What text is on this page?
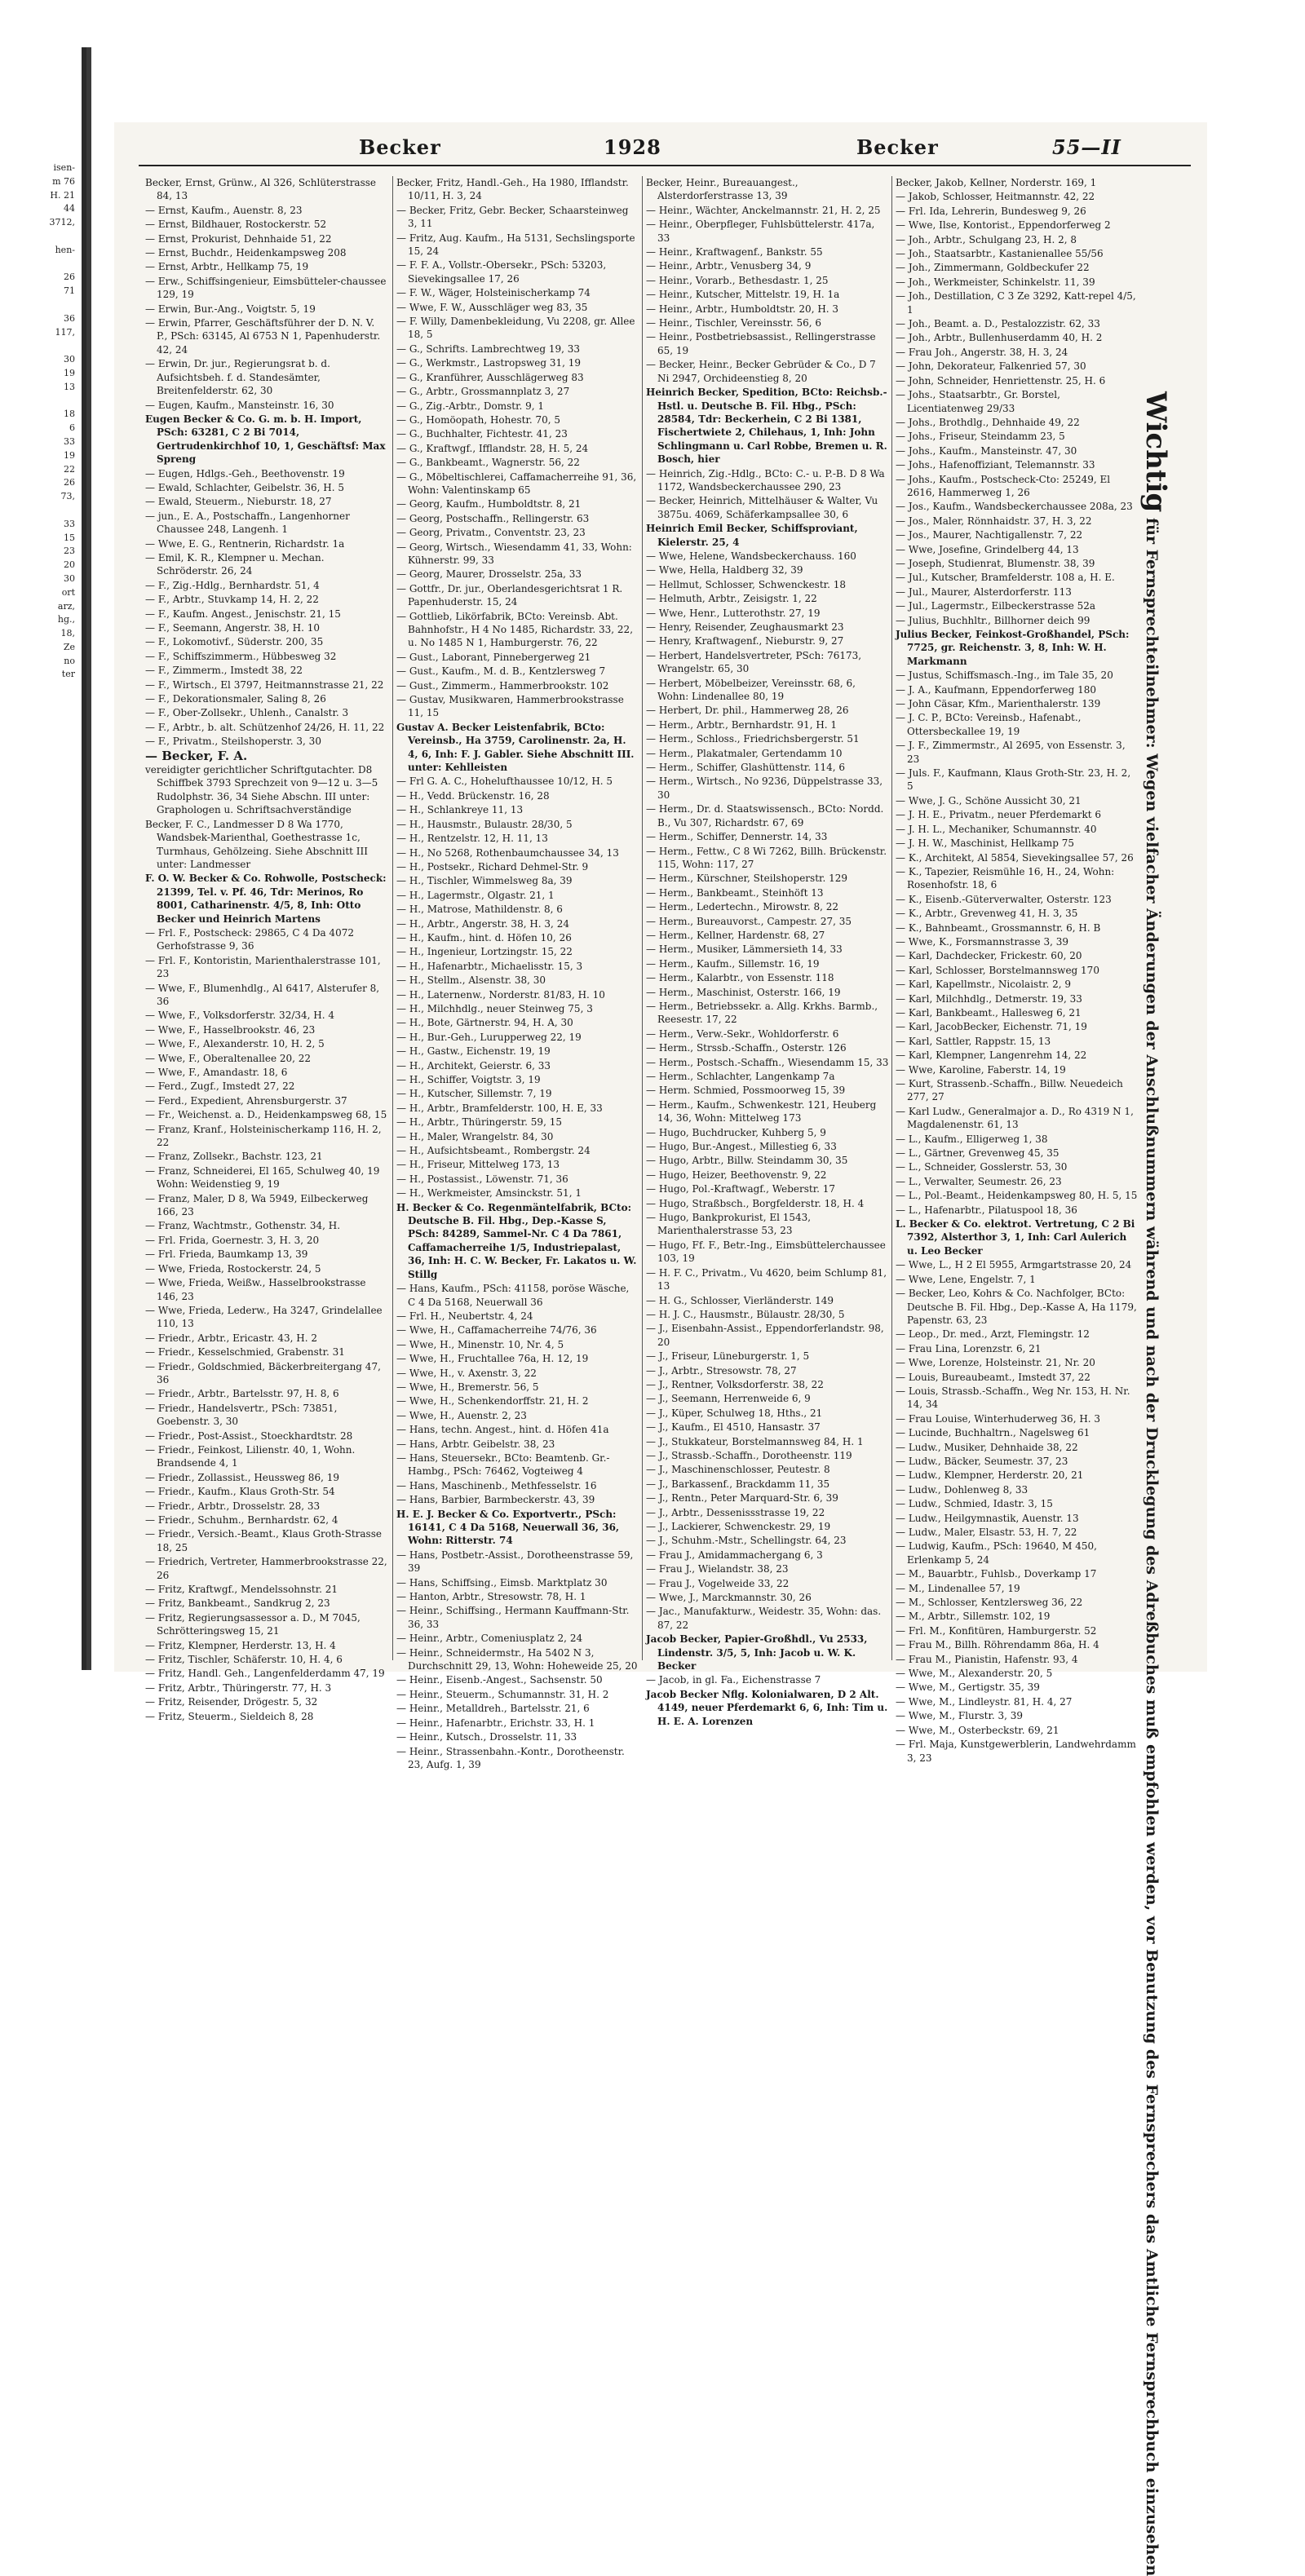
isen-
m 76
H. 21
44
3712,

hen-

26
71

36
117,

30
19
13

18
6
33
19
22
26
73,

33
15
23
20
30
ort
arz,
hg.,
18,
Ze
no
ter
Becker	1928	Becker	55—II
Becker, Ernst, Grünw., Al 326, Schlüterstrasse 84, 13
— Ernst, Kaufm., Auenstr. 8, 23
— Ernst, Bildhauer, Rostockerstr. 52
— Ernst, Prokurist, Dehnhaide 51, 22
— Ernst, Buchdr., Heidenkampsweg 208
— Ernst, Arbtr., Hellkamp 75, 19
— Erw., Schiffsingenieur, Eimsbütteler-chaussee 129, 19
— Erwin, Bur.-Ang., Voigtstr. 5, 19
— Erwin, Pfarrer, Geschäftsführer der D. N. V. P., PSch: 63145, Al 6753 N 1, Papenhuderstr. 42, 24
— Erwin, Dr. jur., Regierungsrat b. d. Aufsichtsbeh. f. d. Standesämter, Breitenfelderstr. 62, 30
— Eugen, Kaufm., Mansteinstr. 16, 30
Eugen Becker & Co. G. m. b. H. Import, PSch: 63281, C 2 Bi 7014, Gertrudenkirchhof 10, 1, Geschäftsf: Max Spreng
— Eugen, Hdlgs.-Geh., Beethovenstr. 19
— Ewald, Schlachter, Geibelstr. 36, H. 5
— Ewald, Steuerm., Nieburstr. 18, 27
— jun., E. A., Postschaffn., Langenhorner Chaussee 248, Langenh. 1
— Wwe, E. G., Rentnerin, Richardstr. 1a
— Emil, K. R., Klempner u. Mechan. Schröderstr. 26, 24
— F., Zig.-Hdlg., Bernhardstr. 51, 4
— F., Arbtr., Stuvkamp 14, H. 2, 22
— F., Kaufm. Angest., Jenischstr. 21, 15
— F., Seemann, Angerstr. 38, H. 10
— F., Lokomotivf., Süderstr. 200, 35
— F., Schiffszimmerm., Hübbesweg 32
— F., Zimmerm., Imstedt 38, 22
— F., Wirtsch., El 3797, Heitmannstrasse 21, 22
— F., Dekorationsmaler, Saling 8, 26
— F., Ober-Zollsekr., Uhlenh., Canalstr. 3
— F., Arbtr., b. alt. Schützenhof 24/26, H. 11, 22
— F., Privatm., Steilshoperstr. 3, 30
— Becker, F. A.
vereidigter gerichtlicher Schriftgutachter. D8 Schiffbek 3793 Sprechzeit von 9—12 u. 3—5 Rudolphstr. 36, 34 Siehe Abschn. III unter: Graphologen u. Schriftsachverständige
Becker, F. C., Landmesser D 8 Wa 1770, Wandsbek-Marienthal, Goethestrasse 1c, Turmhaus, Gehölzeing. Siehe Abschnitt III unter: Landmesser
F. O. W. Becker & Co. Rohwolle, Postscheck: 21399, Tel. v. Pf. 46, Tdr: Merinos, Ro 8001, Catharinenstr. 4/5, 8, Inh: Otto Becker und Heinrich Martens
— Frl. F., Postscheck: 29865, C 4 Da 4072 Gerhofstrasse 9, 36
— Frl. F., Kontoristin, Marienthalerstrasse 101, 23
— Wwe, F., Blumenhdlg., Al 6417, Alsterufer 8, 36
— Wwe, F., Volksdorferstr. 32/34, H. 4
— Wwe, F., Hasselbrookstr. 46, 23
— Wwe, F., Alexanderstr. 10, H. 2, 5
— Wwe, F., Oberaltenallee 20, 22
— Wwe, F., Amandastr. 18, 6
— Ferd., Zugf., Imstedt 27, 22
— Ferd., Expedient, Ahrensburgerstr. 37
— Fr., Weichenst. a. D., Heidenkampsweg 68, 15
— Franz, Kranf., Holsteinischerkamp 116, H. 2, 22
— Franz, Zollsekr., Bachstr. 123, 21
— Franz, Schneiderei, El 165, Schulweg 40, 19 Wohn: Weidenstieg 9, 19
— Franz, Maler, D 8, Wa 5949, Eilbeckerweg 166, 23
— Franz, Wachtmstr., Gothenstr. 34, H.
— Frl. Frida, Goernestr. 3, H. 3, 20
— Frl. Frieda, Baumkamp 13, 39
— Wwe, Frieda, Rostockerstr. 24, 5
— Wwe, Frieda, Weißw., Hasselbrookstrasse 146, 23
— Wwe, Frieda, Lederw., Ha 3247, Grindelallee 110, 13
— Friedr., Arbtr., Ericastr. 43, H. 2
— Friedr., Kesselschmied, Grabenstr. 31
— Friedr., Goldschmied, Bäckerbreitergang 47, 36
— Friedr., Arbtr., Bartelsstr. 97, H. 8, 6
— Friedr., Handelsvertr., PSch: 73851, Goebenstr. 3, 30
— Friedr., Post-Assist., Stoeckhardtstr. 28
— Friedr., Feinkost, Lilienstr. 40, 1, Wohn. Brandsende 4, 1
— Friedr., Zollassist., Heussweg 86, 19
— Friedr., Kaufm., Klaus Groth-Str. 54
— Friedr., Arbtr., Drosselstr. 28, 33
— Friedr., Schuhm., Bernhardstr. 62, 4
— Friedr., Versich.-Beamt., Klaus Groth-Strasse 18, 25
— Friedrich, Vertreter, Hammerbrookstrasse 22, 26
— Fritz, Kraftwgf., Mendelssohnstr. 21
— Fritz, Bankbeamt., Sandkrug 2, 23
— Fritz, Regierungsassessor a. D., M 7045, Schrötteringsweg 15, 21
— Fritz, Klempner, Herderstr. 13, H. 4
— Fritz, Tischler, Schäferstr. 10, H. 4, 6
— Fritz, Handl. Geh., Langenfelderdamm 47, 19
— Fritz, Arbtr., Thüringerstr. 77, H. 3
— Fritz, Reisender, Drögestr. 5, 32
— Fritz, Steuerm., Sieldeich 8, 28
Becker, Fritz, Handl.-Geh., Ha 1980, Ifflandstr. 10/11, H. 3, 24
— Becker, Fritz, Gebr. Becker, Schaarsteinweg 3, 11
— Fritz, Aug. Kaufm., Ha 5131, Sechslingsporte 15, 24
— F. F. A., Vollstr.-Obersekr., PSch: 53203, Sievekingsallee 17, 26
— F. W., Wäger, Holsteinischerkamp 74
— Wwe, F. W., Ausschläger weg 83, 35
— F. Willy, Damenbekleidung, Vu 2208, gr. Allee 18, 5
— G., Schrifts. Lambrechtweg 19, 33
— G., Werkmstr., Lastropsweg 31, 19
— G., Kranführer, Ausschlägerweg 83
— G., Arbtr., Grossmannplatz 3, 27
— G., Zig.-Arbtr., Domstr. 9, 1
— G., Homöopath, Hohestr. 70, 5
— G., Buchhalter, Fichtestr. 41, 23
— G., Kraftwgf., Ifflandstr. 28, H. 5, 24
— G., Bankbeamt., Wagnerstr. 56, 22
— G., Möbeltischlerei, Caffamacherreihe 91, 36, Wohn: Valentinskamp 65
— Georg, Kaufm., Humboldtstr. 8, 21
— Georg, Postschaffn., Rellingerstr. 63
— Georg, Privatm., Conventstr. 23, 23
— Georg, Wirtsch., Wiesendamm 41, 33, Wohn: Kühnerstr. 99, 33
— Georg, Maurer, Drosselstr. 25a, 33
— Gottfr., Dr. jur., Oberlandesgerichtsrat 1 R. Papenhuderstr. 15, 24
— Gottlieb, Likörfabrik, BCto: Vereinsb. Abt. Bahnhofstr., H 4 No 1485, Richardstr. 33, 22, u. No 1485 N 1, Hamburgerstr. 76, 22
— Gust., Laborant, Pinnebergerweg 21
— Gust., Kaufm., M. d. B., Kentzlersweg 7
— Gust., Zimmerm., Hammerbrookstr. 102
— Gustav, Musikwaren, Hammerbrookstrasse 11, 15
Gustav A. Becker Leistenfabrik, BCto: Vereinsb., Ha 3759, Carolinenstr. 2a, H. 4, 6, Inh: F. J. Gabler. Siehe Abschnitt III. unter: Kehlleisten
— Frl G. A. C., Hohelufthaussee 10/12, H. 5
— H., Vedd. Brückenstr. 16, 28
— H., Schlankreye 11, 13
— H., Hausmstr., Bulaustr. 28/30, 5
— H., Rentzelstr. 12, H. 11, 13
— H., No 5268, Rothenbaumchaussee 34, 13
— H., Postsekr., Richard Dehmel-Str. 9
— H., Tischler, Wimmelsweg 8a, 39
— H., Lagermstr., Olgastr. 21, 1
— H., Matrose, Mathildenstr. 8, 6
— H., Arbtr., Angerstr. 38, H. 3, 24
— H., Kaufm., hint. d. Höfen 10, 26
— H., Ingenieur, Lortzingstr. 15, 22
— H., Hafenarbtr., Michaelisstr. 15, 3
— H., Stellm., Alsenstr. 38, 30
— H., Laternenw., Norderstr. 81/83, H. 10
— H., Milchhdlg., neuer Steinweg 75, 3
— H., Bote, Gärtnerstr. 94, H. A, 30
— H., Bur.-Geh., Lurupperweg 22, 19
— H., Gastw., Eichenstr. 19, 19
— H., Architekt, Geierstr. 6, 33
— H., Schiffer, Voigtstr. 3, 19
— H., Kutscher, Sillemstr. 7, 19
— H., Arbtr., Bramfelderstr. 100, H. E, 33
— H., Arbtr., Thüringerstr. 59, 15
— H., Maler, Wrangelstr. 84, 30
— H., Aufsichtsbeamt., Rombergstr. 24
— H., Friseur, Mittelweg 173, 13
— H., Postassist., Löwenstr. 71, 36
— H., Werkmeister, Amsinckstr. 51, 1
H. Becker & Co. Regenmäntelfabrik, BCto: Deutsche B. Fil. Hbg., Dep.-Kasse S, PSch: 84289, Sammel-Nr. C 4 Da 7861, Caffamacherreihe 1/5, Industriepalast, 36, Inh: H. C. W. Becker, Fr. Lakatos u. W. Stillg
— Hans, Kaufm., PSch: 41158, poröse Wäsche, C 4 Da 5168, Neuerwall 36
— Frl. H., Neubertstr. 4, 24
— Wwe, H., Caffamacherreihe 74/76, 36
— Wwe, H., Minenstr. 10, Nr. 4, 5
— Wwe, H., Fruchtallee 76a, H. 12, 19
— Wwe, H., v. Axenstr. 3, 22
— Wwe, H., Bremerstr. 56, 5
— Wwe, H., Schenkendorffstr. 21, H. 2
— Wwe, H., Auenstr. 2, 23
— Hans, techn. Angest., hint. d. Höfen 41a
— Hans, Arbtr. Geibelstr. 38, 23
— Hans, Steuersekr., BCto: Beamtenb. Gr.-Hambg., PSch: 76462, Vogteiweg 4
— Hans, Maschinenb., Methfesselstr. 16
— Hans, Barbier, Barmbeckerstr. 43, 39
H. E. J. Becker & Co. Exportvertr., PSch: 16141, C 4 Da 5168, Neuerwall 36, 36, Wohn: Ritterstr. 74
— Hans, Postbetr.-Assist., Dorotheenstrasse 59, 39
— Hans, Schiffsing., Eimsb. Marktplatz 30
— Hanton, Arbtr., Stresowstr. 78, H. 1
— Heinr., Schiffsing., Hermann Kauffmann-Str. 36, 33
— Heinr., Arbtr., Comeniusplatz 2, 24
— Heinr., Schneidermstr., Ha 5402 N 3, Durchschnitt 29, 13, Wohn: Hoheweide 25, 20
— Heinr., Eisenb.-Angest., Sachsenstr. 50
— Heinr., Steuerm., Schumannstr. 31, H. 2
— Heinr., Metalldreh., Bartelsstr. 21, 6
— Heinr., Hafenarbtr., Erichstr. 33, H. 1
— Heinr., Kutsch., Drosselstr. 11, 33
— Heinr., Strassenbahn.-Kontr., Dorotheenstr. 23, Aufg. 1, 39
Becker, Heinr., Bureauangest., Alsterdorferstrasse 13, 39
— Heinr., Wächter, Anckelmannstr. 21, H. 2, 25
— Heinr., Oberpfleger, Fuhlsbüttelerstr. 417a, 33
— Heinr., Kraftwagenf., Bankstr. 55
— Heinr., Arbtr., Venusberg 34, 9
— Heinr., Vorarb., Bethesdastr. 1, 25
— Heinr., Kutscher, Mittelstr. 19, H. 1a
— Heinr., Arbtr., Humboldtstr. 20, H. 3
— Heinr., Tischler, Vereinsstr. 56, 6
— Heinr., Postbetriebsassist., Rellingerstrasse 65, 19
— Becker, Heinr., Becker Gebrüder & Co., D 7 Ni 2947, Orchideenstieg 8, 20
Heinrich Becker, Spedition, BCto: Reichsb.-Hstl. u. Deutsche B. Fil. Hbg., PSch: 28584, Tdr: Beckerhein, C 2 Bi 1381, Fischertwiete 2, Chilehaus, 1, Inh: John Schlingmann u. Carl Robbe, Bremen u. R. Bosch, hier
— Heinrich, Zig.-Hdlg., BCto: C.- u. P.-B. D 8 Wa 1172, Wandsbeckerchaussee 290, 23
— Becker, Heinrich, Mittelhäuser & Walter, Vu 3875u. 4069, Schäferkampsallee 30, 6
Heinrich Emil Becker, Schiffsproviant, Kielerstr. 25, 4
— Wwe, Helene, Wandsbeckerchauss. 160
— Wwe, Hella, Haldberg 32, 39
— Hellmut, Schlosser, Schwenckestr. 18
— Helmuth, Arbtr., Zeisigstr. 1, 22
— Wwe, Henr., Lutterothstr. 27, 19
— Henry, Reisender, Zeughausmarkt 23
— Henry, Kraftwagenf., Nieburstr. 9, 27
— Herbert, Handelsvertreter, PSch: 76173, Wrangelstr. 65, 30
— Herbert, Möbelbeizer, Vereinsstr. 68, 6, Wohn: Lindenallee 80, 19
— Herbert, Dr. phil., Hammerweg 28, 26
— Herm., Arbtr., Bernhardstr. 91, H. 1
— Herm., Schloss., Friedrichsbergerstr. 51
— Herm., Plakatmaler, Gertendamm 10
— Herm., Schiffer, Glashüttenstr. 114, 6
— Herm., Wirtsch., No 9236, Düppelstrasse 33, 30
— Herm., Dr. d. Staatswissensch., BCto: Nordd. B., Vu 307, Richardstr. 67, 69
— Herm., Schiffer, Dennerstr. 14, 33
— Herm., Fettw., C 8 Wi 7262, Billh. Brückenstr. 115, Wohn: 117, 27
— Herm., Kürschner, Steilshoperstr. 129
— Herm., Bankbeamt., Steinhöft 13
— Herm., Ledertechn., Mirowstr. 8, 22
— Herm., Bureauvorst., Campestr. 27, 35
— Herm., Kellner, Hardenstr. 68, 27
— Herm., Musiker, Lämmersieth 14, 33
— Herm., Kaufm., Sillemstr. 16, 19
— Herm., Kalarbtr., von Essenstr. 118
— Herm., Maschinist, Osterstr. 166, 19
— Herm., Betriebssekr. a. Allg. Krkhs. Barmb., Reesestr. 17, 22
— Herm., Verw.-Sekr., Wohldorferstr. 6
— Herm., Strssb.-Schaffn., Osterstr. 126
— Herm., Postsch.-Schaffn., Wiesendamm 15, 33
— Herm., Schlachter, Langenkamp 7a
— Herm. Schmied, Possmoorweg 15, 39
— Herm., Kaufm., Schwenkestr. 121, Heuberg 14, 36, Wohn: Mittelweg 173
— Hugo, Buchdrucker, Kuhberg 5, 9
— Hugo, Bur.-Angest., Millestieg 6, 33
— Hugo, Arbtr., Billw. Steindamm 30, 35
— Hugo, Heizer, Beethovenstr. 9, 22
— Hugo, Pol.-Kraftwagf., Weberstr. 17
— Hugo, Straßbsch., Borgfelderstr. 18, H. 4
— Hugo, Bankprokurist, El 1543, Marienthalerstrasse 53, 23
— Hugo, Ff. F., Betr.-Ing., Eimsbüttelerchaussee 103, 19
— H. F. C., Privatm., Vu 4620, beim Schlump 81, 13
— H. G., Schlosser, Vierländerstr. 149
— H. J. C., Hausmstr., Bülaustr. 28/30, 5
— J., Eisenbahn-Assist., Eppendorferlandstr. 98, 20
— J., Friseur, Lüneburgerstr. 1, 5
— J., Arbtr., Stresowstr. 78, 27
— J., Rentner, Volksdorferstr. 38, 22
— J., Seemann, Herrenweide 6, 9
— J., Küper, Schulweg 18, Hths., 21
— J., Kaufm., El 4510, Hansastr. 37
— J., Stukkateur, Borstelmannsweg 84, H. 1
— J., Strassb.-Schaffn., Dorotheenstr. 119
— J., Maschinenschlosser, Peutestr. 8
— J., Barkassenf., Brackdamm 11, 35
— J., Rentn., Peter Marquard-Str. 6, 39
— J., Arbtr., Dessenissstrasse 19, 22
— J., Lackierer, Schwenckestr. 29, 19
— J., Schuhm.-Mstr., Schellingstr. 64, 23
— Frau J., Amidammachergang 6, 3
— Frau J., Wielandstr. 38, 23
— Frau J., Vogelweide 33, 22
— Wwe, J., Marckmannstr. 30, 26
— Jac., Manufakturw., Weidestr. 35, Wohn: das. 87, 22
Jacob Becker, Papier-Großhdl., Vu 2533, Lindenstr. 3/5, 5, Inh: Jacob u. W. K. Becker
— Jacob, in gl. Fa., Eichenstrasse 7
Jacob Becker Nflg. Kolonialwaren, D 2 Alt. 4149, neuer Pferdemarkt 6, 6, Inh: Tim u. H. E. A. Lorenzen
Becker, Jakob, Kellner, Norderstr. 169, 1
— Jakob, Schlosser, Heitmannstr. 42, 22
— Frl. Ida, Lehrerin, Bundesweg 9, 26
— Wwe, Ilse, Kontorist., Eppendorferweg 2
— Joh., Arbtr., Schulgang 23, H. 2, 8
— Joh., Staatsarbtr., Kastanienallee 55/56
— Joh., Zimmermann, Goldbeckufer 22
— Joh., Werkmeister, Schinkelstr. 11, 39
— Joh., Destillation, C 3 Ze 3292, Katt-repel 4/5, 1
— Joh., Beamt. a. D., Pestalozzistr. 62, 33
— Joh., Arbtr., Bullenhuserdamm 40, H. 2
— Frau Joh., Angerstr. 38, H. 3, 24
— John, Dekorateur, Falkenried 57, 30
— John, Schneider, Henriettenstr. 25, H. 6
— Johs., Staatsarbtr., Gr. Borstel, Licentiatenweg 29/33
— Johs., Brothdlg., Dehnhaide 49, 22
— Johs., Friseur, Steindamm 23, 5
— Johs., Kaufm., Mansteinstr. 47, 30
— Johs., Hafenoffiziant, Telemannstr. 33
— Johs., Kaufm., Postscheck-Cto: 25249, El 2616, Hammerweg 1, 26
— Jos., Kaufm., Wandsbeckerchaussee 208a, 23
— Jos., Maler, Rönnhaidstr. 37, H. 3, 22
— Jos., Maurer, Nachtigallenstr. 7, 22
— Wwe, Josefine, Grindelberg 44, 13
— Joseph, Studienrat, Blumenstr. 38, 39
— Jul., Kutscher, Bramfelderstr. 108 a, H. E.
— Jul., Maurer, Alsterdorferstr. 113
— Jul., Lagermstr., Eilbeckerstrasse 52a
— Julius, Buchhltr., Billhorner deich 99
Julius Becker, Feinkost-Großhandel, PSch: 7725, gr. Reichenstr. 3, 8, Inh: W. H. Markmann
— Justus, Schiffsmasch.-Ing., im Tale 35, 20
— J. A., Kaufmann, Eppendorferweg 180
— John Cäsar, Kfm., Marienthalerstr. 139
— J. C. P., BCto: Vereinsb., Hafenabt., Ottersbeckallee 19, 19
— J. F., Zimmermstr., Al 2695, von Essenstr. 3, 23
— Juls. F., Kaufmann, Klaus Groth-Str. 23, H. 2, 5
— Wwe, J. G., Schöne Aussicht 30, 21
— J. H. E., Privatm., neuer Pferdemarkt 6
— J. H. L., Mechaniker, Schumannstr. 40
— J. H. W., Maschinist, Hellkamp 75
— K., Architekt, Al 5854, Sievekingsallee 57, 26
— K., Tapezier, Reismühle 16, H., 24, Wohn: Rosenhofstr. 18, 6
— K., Eisenb.-Güterverwalter, Osterstr. 123
— K., Arbtr., Grevenweg 41, H. 3, 35
— K., Bahnbeamt., Grossmannstr. 6, H. B
— Wwe, K., Forsmannstrasse 3, 39
— Karl, Dachdecker, Frickestr. 60, 20
— Karl, Schlosser, Borstelmannsweg 170
— Karl, Kapellmstr., Nicolaistr. 2, 9
— Karl, Milchhdlg., Detmerstr. 19, 33
— Karl, Bankbeamt., Hallesweg 6, 21
— Karl, JacobBecker, Eichenstr. 71, 19
— Karl, Sattler, Rappstr. 15, 13
— Karl, Klempner, Langenrehm 14, 22
— Wwe, Karoline, Faberstr. 14, 19
— Kurt, Strassenb.-Schaffn., Billw. Neuedeich 277, 27
— Karl Ludw., Generalmajor a. D., Ro 4319 N 1, Magdalenenstr. 61, 13
— L., Kaufm., Elligerweg 1, 38
— L., Gärtner, Grevenweg 45, 35
— L., Schneider, Gosslerstr. 53, 30
— L., Verwalter, Seumestr. 26, 23
— L., Pol.-Beamt., Heidenkampsweg 80, H. 5, 15
— L., Hafenarbtr., Pilatuspool 18, 36
L. Becker & Co. elektrot. Vertretung, C 2 Bi 7392, Alsterthor 3, 1, Inh: Carl Aulerich u. Leo Becker
— Wwe, L., H 2 El 5955, Armgartstrasse 20, 24
— Wwe, Lene, Engelstr. 7, 1
— Becker, Leo, Kohrs & Co. Nachfolger, BCto: Deutsche B. Fil. Hbg., Dep.-Kasse A, Ha 1179, Papenstr. 63, 23
— Leop., Dr. med., Arzt, Flemingstr. 12
— Frau Lina, Lorenzstr. 6, 21
— Wwe, Lorenze, Holsteinstr. 21, Nr. 20
— Louis, Bureaubeamt., Imstedt 37, 22
— Louis, Strassb.-Schaffn., Weg Nr. 153, H. Nr. 14, 34
— Frau Louise, Winterhuderweg 36, H. 3
— Lucinde, Buchhaltrn., Nagelsweg 61
— Ludw., Musiker, Dehnhaide 38, 22
— Ludw., Bäcker, Seumestr. 37, 23
— Ludw., Klempner, Herderstr. 20, 21
— Ludw., Dohlenweg 8, 33
— Ludw., Schmied, Idastr. 3, 15
— Ludw., Heilgymnastik, Auenstr. 13
— Ludw., Maler, Elsastr. 53, H. 7, 22
— Ludwig, Kaufm., PSch: 19640, M 450, Erlenkamp 5, 24
— M., Bauarbtr., Fuhlsb., Doverkamp 17
— M., Lindenallee 57, 19
— M., Schlosser, Kentzlersweg 36, 22
— M., Arbtr., Sillemstr. 102, 19
— Frl. M., Konfitüren, Hamburgerstr. 52
— Frau M., Billh. Röhrendamm 86a, H. 4
— Frau M., Pianistin, Hafenstr. 93, 4
— Wwe, M., Alexanderstr. 20, 5
— Wwe, M., Gertigstr. 35, 39
— Wwe, M., Lindleystr. 81, H. 4, 27
— Wwe, M., Flurstr. 3, 39
— Wwe, M., Osterbeckstr. 69, 21
— Frl. Maja, Kunstgewerblerin, Landwehrdamm 3, 23
Wichtig für Fernsprechteilnehmer: Wegen vielfacher Änderungen der Anschlußnummern während und nach der Drucklegung des Adreßbuches muß empfohlen werden, vor Benutzung des Fernsprechers das Amtliche Fernsprechbuch einzusehen
